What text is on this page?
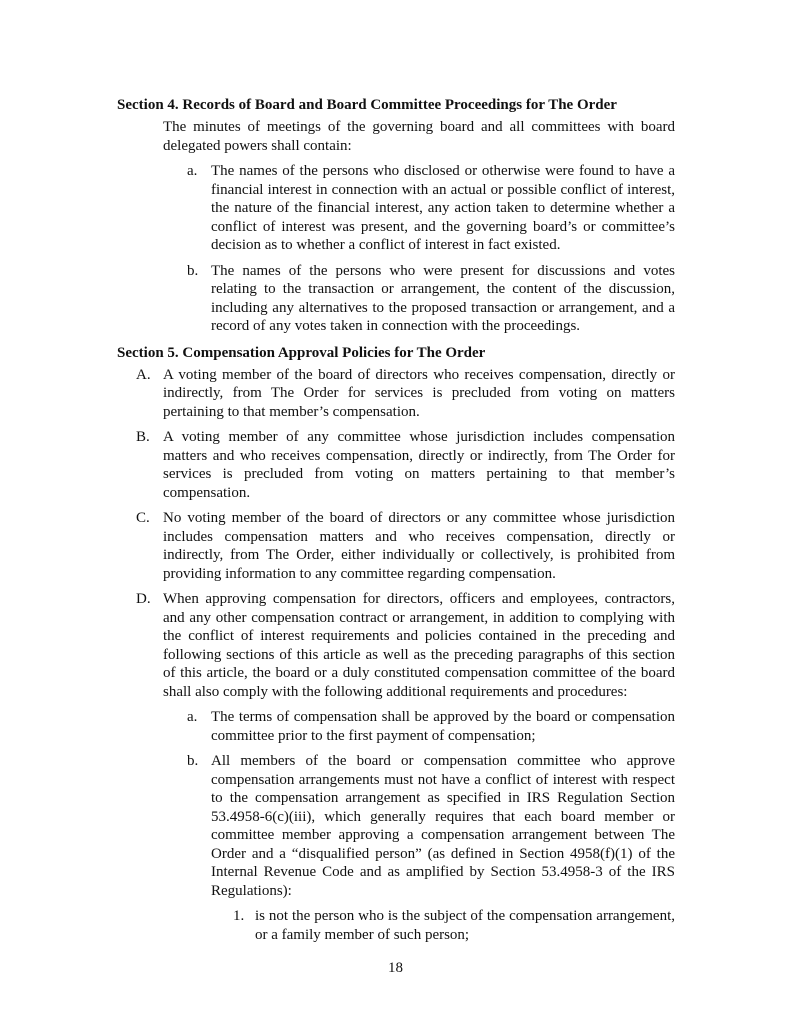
Section 4. Records of Board and Board Committee Proceedings for The Order

The minutes of meetings of the governing board and all committees with board delegated powers shall contain:

a. The names of the persons who disclosed or otherwise were found to have a financial interest in connection with an actual or possible conflict of interest, the nature of the financial interest, any action taken to determine whether a conflict of interest was present, and the governing board’s or committee’s decision as to whether a conflict of interest in fact existed.
b. The names of the persons who were present for discussions and votes relating to the transaction or arrangement, the content of the discussion, including any alternatives to the proposed transaction or arrangement, and a record of any votes taken in connection with the proceedings.
Section 5. Compensation Approval Policies for The Order
A. A voting member of the board of directors who receives compensation, directly or indirectly, from The Order for services is precluded from voting on matters pertaining to that member’s compensation.
B. A voting member of any committee whose jurisdiction includes compensation matters and who receives compensation, directly or indirectly, from The Order for services is precluded from voting on matters pertaining to that member’s compensation.
C. No voting member of the board of directors or any committee whose jurisdiction includes compensation matters and who receives compensation, directly or indirectly, from The Order, either individually or collectively, is prohibited from providing information to any committee regarding compensation.
D. When approving compensation for directors, officers and employees, contractors, and any other compensation contract or arrangement, in addition to complying with the conflict of interest requirements and policies contained in the preceding and following sections of this article as well as the preceding paragraphs of this section of this article, the board or a duly constituted compensation committee of the board shall also comply with the following additional requirements and procedures:
a. The terms of compensation shall be approved by the board or compensation committee prior to the first payment of compensation;
b. All members of the board or compensation committee who approve compensation arrangements must not have a conflict of interest with respect to the compensation arrangement as specified in IRS Regulation Section 53.4958-6(c)(iii), which generally requires that each board member or committee member approving a compensation arrangement between The Order and a “disqualified person” (as defined in Section 4958(f)(1) of the Internal Revenue Code and as amplified by Section 53.4958-3 of the IRS Regulations):
1. is not the person who is the subject of the compensation arrangement, or a family member of such person;
18
